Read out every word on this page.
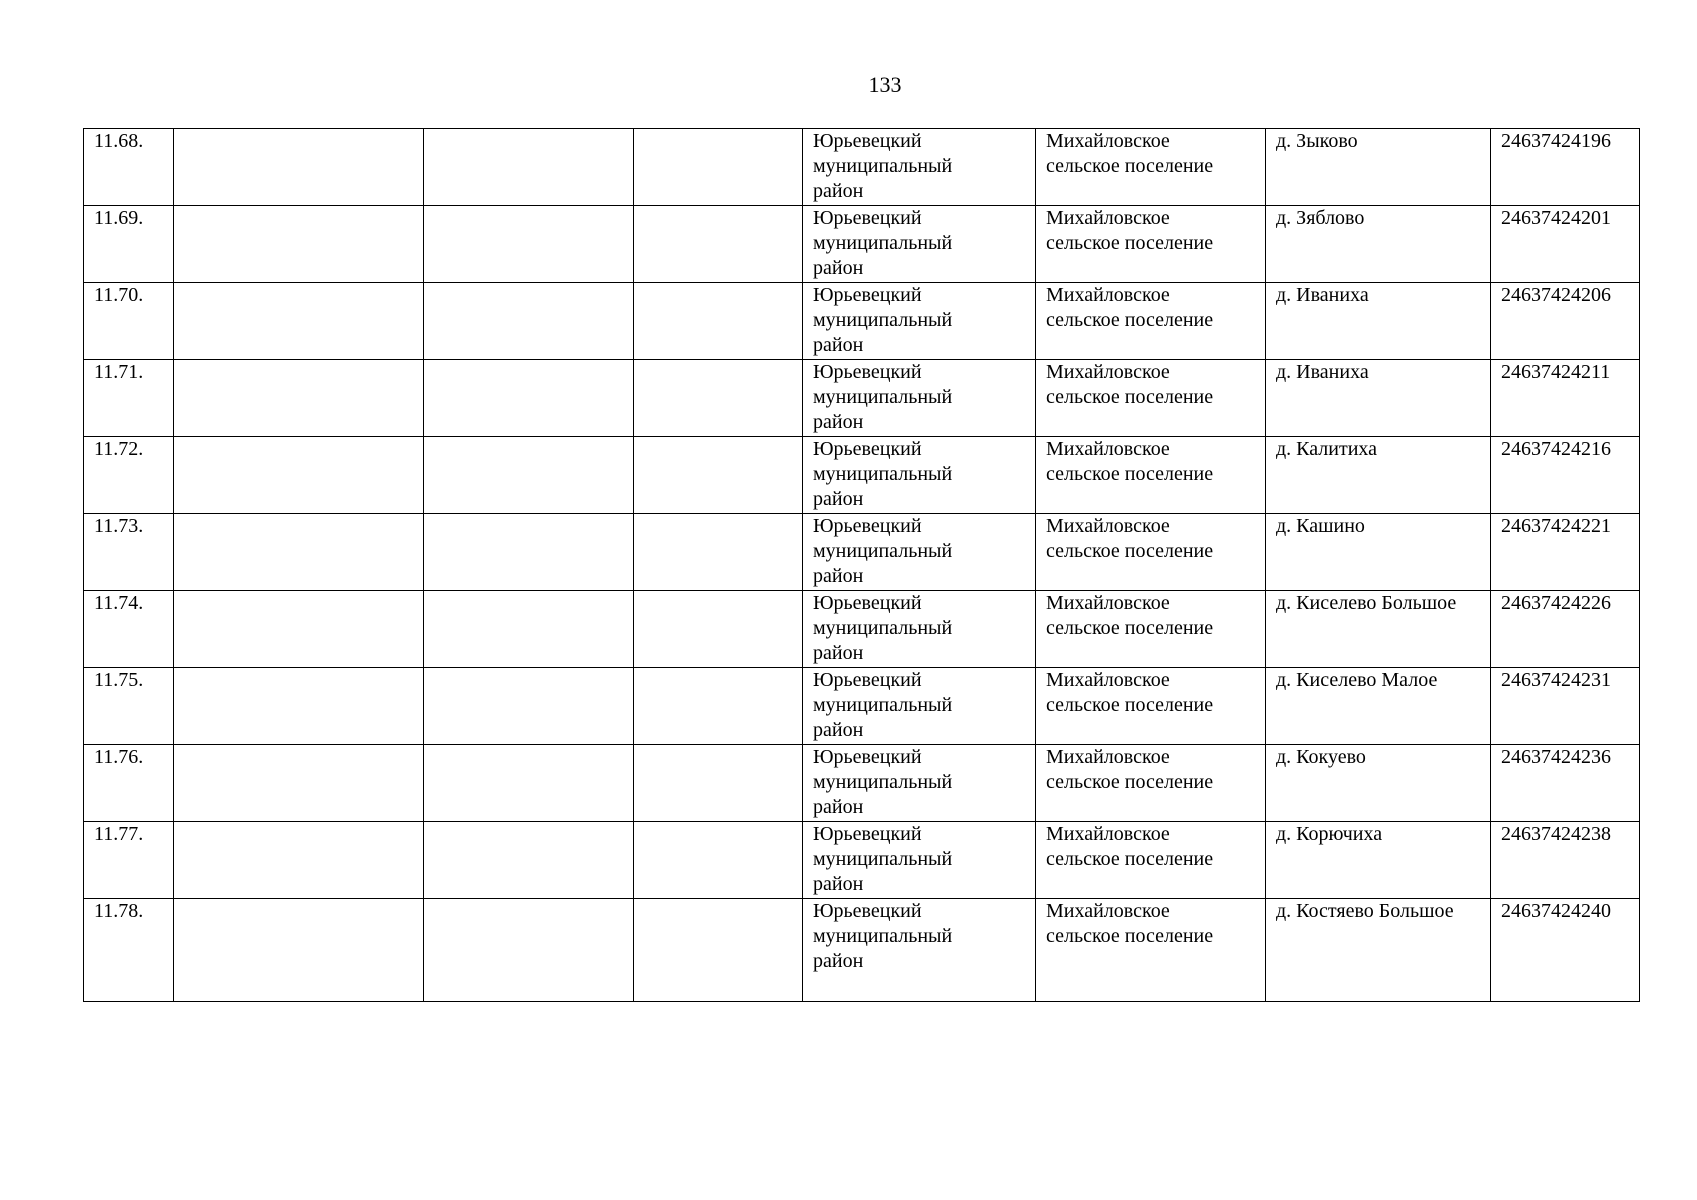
133
11.68.				Юрьевецкий
муниципальный
район	Михайловское
сельское поселение	д. Зыково	24637424196
11.69.				Юрьевецкий
муниципальный
район	Михайловское
сельское поселение	д. Зяблово	24637424201
11.70.				Юрьевецкий
муниципальный
район	Михайловское
сельское поселение	д. Иваниха	24637424206
11.71.				Юрьевецкий
муниципальный
район	Михайловское
сельское поселение	д. Иваниха	24637424211
11.72.				Юрьевецкий
муниципальный
район	Михайловское
сельское поселение	д. Калитиха	24637424216
11.73.				Юрьевецкий
муниципальный
район	Михайловское
сельское поселение	д. Кашино	24637424221
11.74.				Юрьевецкий
муниципальный
район	Михайловское
сельское поселение	д. Киселево Большое	24637424226
11.75.				Юрьевецкий
муниципальный
район	Михайловское
сельское поселение	д. Киселево Малое	24637424231
11.76.				Юрьевецкий
муниципальный
район	Михайловское
сельское поселение	д. Кокуево	24637424236
11.77.				Юрьевецкий
муниципальный
район	Михайловское
сельское поселение	д. Корючиха	24637424238
11.78.				Юрьевецкий
муниципальный
район	Михайловское
сельское поселение	д. Костяево Большое	24637424240
